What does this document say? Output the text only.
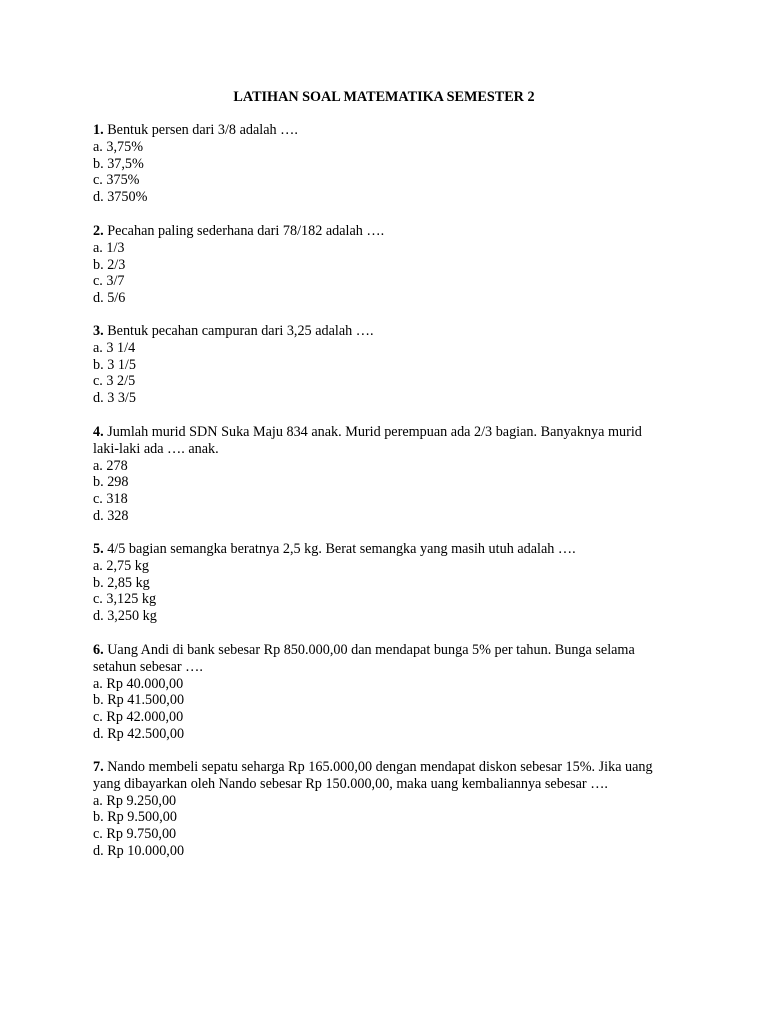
LATIHAN SOAL MATEMATIKA SEMESTER 2

1. Bentuk persen dari 3/8 adalah ….

a. 3,75%

b. 37,5%

c. 375%

d. 3750%

2. Pecahan paling sederhana dari 78/182 adalah ….

a. 1/3

b. 2/3

c. 3/7

d. 5/6

3. Bentuk pecahan campuran dari 3,25 adalah ….

a. 3 1/4

b. 3 1/5

c. 3 2/5

d. 3 3/5

4. Jumlah murid SDN Suka Maju 834 anak. Murid perempuan ada 2/3 bagian. Banyaknya murid laki-laki ada …. anak.

a. 278

b. 298

c. 318

d. 328

5. 4/5 bagian semangka beratnya 2,5 kg. Berat semangka yang masih utuh adalah ….

a. 2,75 kg

b. 2,85 kg

c. 3,125 kg

d. 3,250 kg

6. Uang Andi di bank sebesar Rp 850.000,00 dan mendapat bunga 5% per tahun. Bunga selama setahun sebesar ….

a. Rp 40.000,00

b. Rp 41.500,00

c. Rp 42.000,00

d. Rp 42.500,00

7. Nando membeli sepatu seharga Rp 165.000,00 dengan mendapat diskon sebesar 15%. Jika uang yang dibayarkan oleh Nando sebesar Rp 150.000,00, maka uang kembaliannya sebesar ….

a. Rp 9.250,00

b. Rp 9.500,00

c. Rp 9.750,00

d. Rp 10.000,00
